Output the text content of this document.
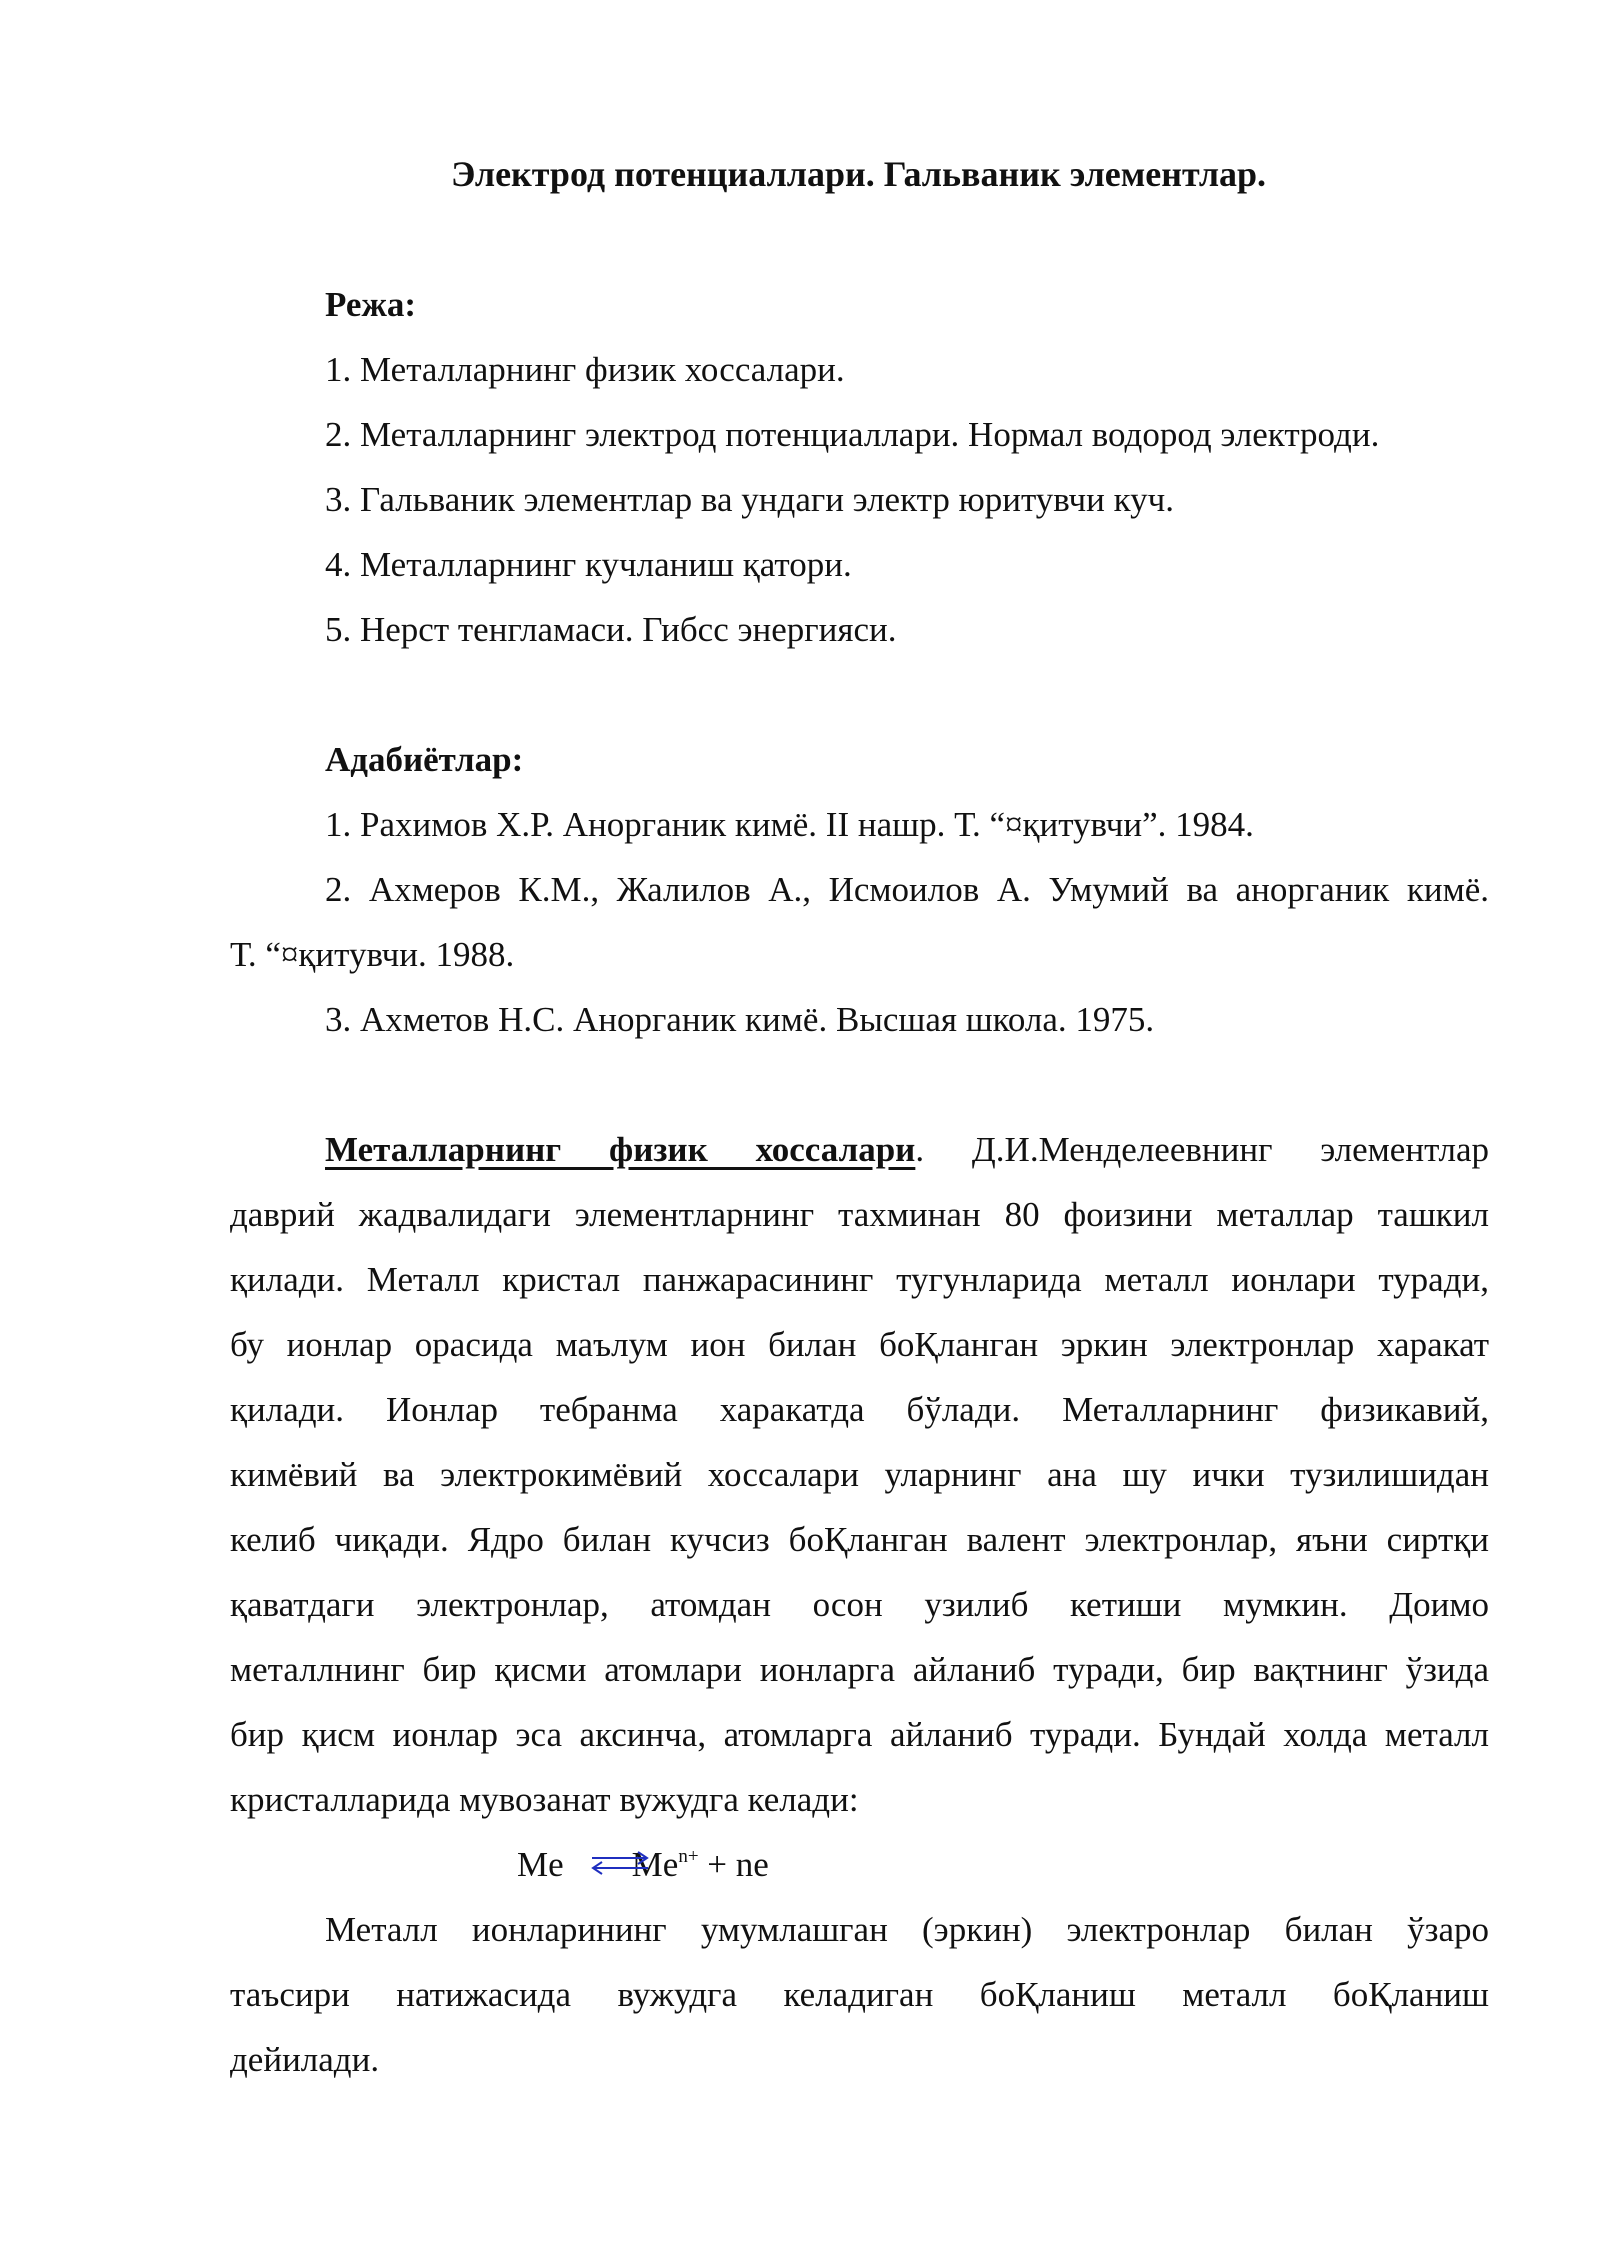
Электрод потенциаллари. Гальваник элементлар.
Режа:
1. Металларнинг физик хоссалари.
2. Металларнинг электрод потенциаллари. Нормал водород электроди.
3. Гальваник элементлар ва ундаги электр юритувчи куч.
4. Металларнинг кучланиш қатори.
5. Нерст тенгламаси. Гибсс энергияси.
Адабиётлар:
1. Рахимов Х.Р. Анорганик кимё. II нашр. Т. “¤қитувчи”. 1984.
2. Ахмеров К.М., Жалилов А., Исмоилов А. Умумий ва анорганик кимё.
Т. “¤қитувчи. 1988.
3. Ахметов Н.С. Анорганик кимё. Высшая школа. 1975.
Металларнинг физик хоссалари. Д.И.Менделеевнинг элементлар
даврий жадвалидаги элементларнинг тахминан 80 фоизини металлар ташкил
қилади. Металл кристал панжарасининг тугунларида металл ионлари туради,
бу ионлар орасида маълум ион билан боҚланган эркин электронлар харакат
қилади. Ионлар тебранма харакатда бўлади. Металларнинг физикавий,
кимёвий ва электрокимёвий хоссалари уларнинг ана шу ички тузилишидан
келиб чиқади. Ядро билан кучсиз боҚланган валент электронлар, яъни сиртқи
қаватдаги электронлар, атомдан осон узилиб кетиши мумкин. Доимо
металлнинг бир қисми атомлари ионларга айланиб туради, бир вақтнинг ўзида
бир қисм ионлар эса аксинча, атомларга айланиб туради. Бундай холда металл
кристалларида мувозанат вужудга келади:
Me $Me^{n+}$ + ne
Металл ионларининг умумлашган (эркин) электронлар билан ўзаро
таъсири натижасида вужудга келадиган боҚланиш металл боҚланиш
дейилади.
